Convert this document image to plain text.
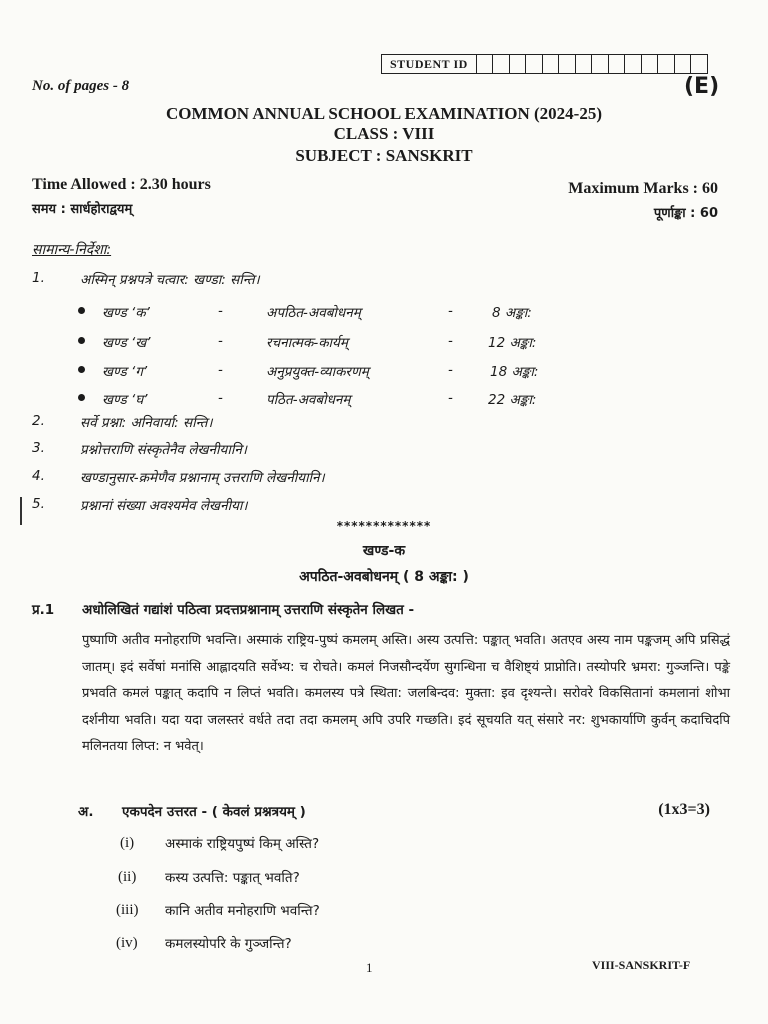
STUDENT ID
No. of pages - 8	(E)
COMMON ANNUAL SCHOOL EXAMINATION (2024-25)
CLASS : VIII
SUBJECT : SANSKRIT
Time Allowed : 2.30 hours
समय : सार्धहोराद्वयम्
Maximum Marks : 60
पूर्णाङ्का : 60
सामान्य-निर्देशा:
1.	अस्मिन् प्रश्नपत्रे चत्वार: खण्डा: सन्ति।
खण्ड ‘क’	-	अपठित-अवबोधनम्	-	8 अङ्का:
खण्ड ‘ख’	-	रचनात्मक-कार्यम्	-	12 अङ्का:
खण्ड ‘ग’	-	अनुप्रयुक्त-व्याकरणम्	-	18 अङ्का:
खण्ड ‘घ’	-	पठित-अवबोधनम्	-	22 अङ्का:
2.	सर्वे प्रश्ना: अनिवार्या: सन्ति।
3.	प्रश्नोत्तराणि संस्कृतेनैव लेखनीयानि।
4.	खण्डानुसार-क्रमेणैव प्रश्नानाम् उत्तराणि लेखनीयानि।
5.	प्रश्नानां संख्या अवश्यमेव लेखनीया।
*************
खण्ड-क
अपठित-अवबोधनम् ( 8 अङ्का: )
प्र.1 अधोलिखितं गद्यांशं पठित्वा प्रदत्तप्रश्नानाम् उत्तराणि संस्कृतेन लिखत -
पुष्पाणि अतीव मनोहराणि भवन्ति। अस्माकं राष्ट्रिय-पुष्पं कमलम् अस्ति। अस्य उत्पत्ति: पङ्कात् भवति। अतएव अस्य नाम पङ्कजम् अपि प्रसिद्धं जातम्। इदं सर्वेषां मनांसि आह्लादयति सर्वेभ्य: च रोचते। कमलं निजसौन्दर्येण सुगन्धिना च वैशिष्ट्यं प्राप्नोति। तस्योपरि भ्रमरा: गुञ्जन्ति। पङ्के प्रभवति कमलं पङ्कात् कदापि न लिप्तं भवति। कमलस्य पत्रे स्थिता: जलबिन्दव: मुक्ता: इव दृश्यन्ते। सरोवरे विकसितानां कमलानां शोभा दर्शनीया भवति। यदा यदा जलस्तरं वर्धते तदा तदा कमलम् अपि उपरि गच्छति। इदं सूचयति यत् संसारे नर: शुभकार्याणि कुर्वन् कदाचिदपि मलिनतया लिप्त: न भवेत्।
अ. एकपदेन उत्तरत - ( केवलं प्रश्नत्रयम् )	(1x3=3)
(i) अस्माकं राष्ट्रियपुष्पं किम् अस्ति?
(ii) कस्य उत्पत्ति: पङ्कात् भवति?
(iii) कानि अतीव मनोहराणि भवन्ति?
(iv) कमलस्योपरि के गुञ्जन्ति?
1	VIII-SANSKRIT-F
